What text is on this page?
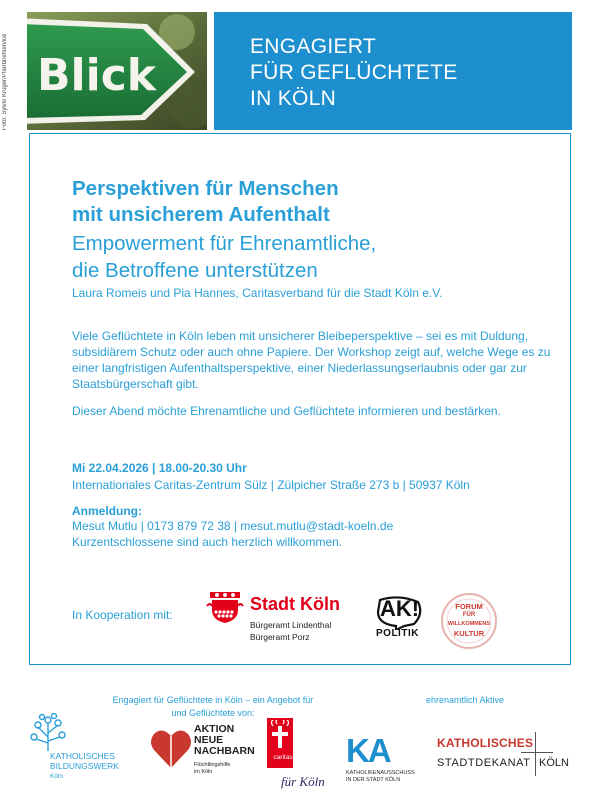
Foto: Sylvio Krüger/Pfarrbriefservice Blick
ENGAGIERT
FÜR GEFLÜCHTETE
IN KÖLN
Perspektiven für Menschen
mit unsicherem Aufenthalt
Empowerment für Ehrenamtliche,
die Betroffene unterstützen
Laura Romeis und Pia Hannes, Caritasverband für die Stadt Köln e.V.
Viele Geflüchtete in Köln leben mit unsicherer Bleibeperspektive – sei es mit Duldung, subsidiärem Schutz oder auch ohne Papiere. Der Workshop zeigt auf, welche Wege es zu einer langfristigen Aufenthaltsperspektive, einer Niederlassungserlaubnis oder gar zur Staatsbürgerschaft gibt.
Dieser Abend möchte Ehrenamtliche und Geflüchtete informieren und bestärken.
Mi 22.04.2026 | 18.00-20.30 Uhr
Internationales Caritas-Zentrum Sülz | Zülpicher Straße 273 b | 50937 Köln
Anmeldung:
Mesut Mutlu | 0173 879 72 38 | mesut.mutlu@stadt-koeln.de
Kurzentschlossene sind auch herzlich willkommen.
In Kooperation mit:
Stadt Köln
Bürgeramt Lindenthal
Bürgeramt Porz
AK!
POLITIK
FORUM
FÜR
WILLKOMMENS
KULTUR
Engagiert für Geflüchtete in Köln – ein Angebot für
und Geflüchtete von:
ehrenamtlich Aktive
KATHOLISCHES
BILDUNGSWERK
Köln
AKTION
NEUE
NACHBARN
Flüchtlingshilfe
im Köln
caritas
für Köln
KA
KATHOLIKENAUSSCHUSS
IN DER STADT KÖLN
KATHOLISCHES
STADTDEKANAT KÖLN
